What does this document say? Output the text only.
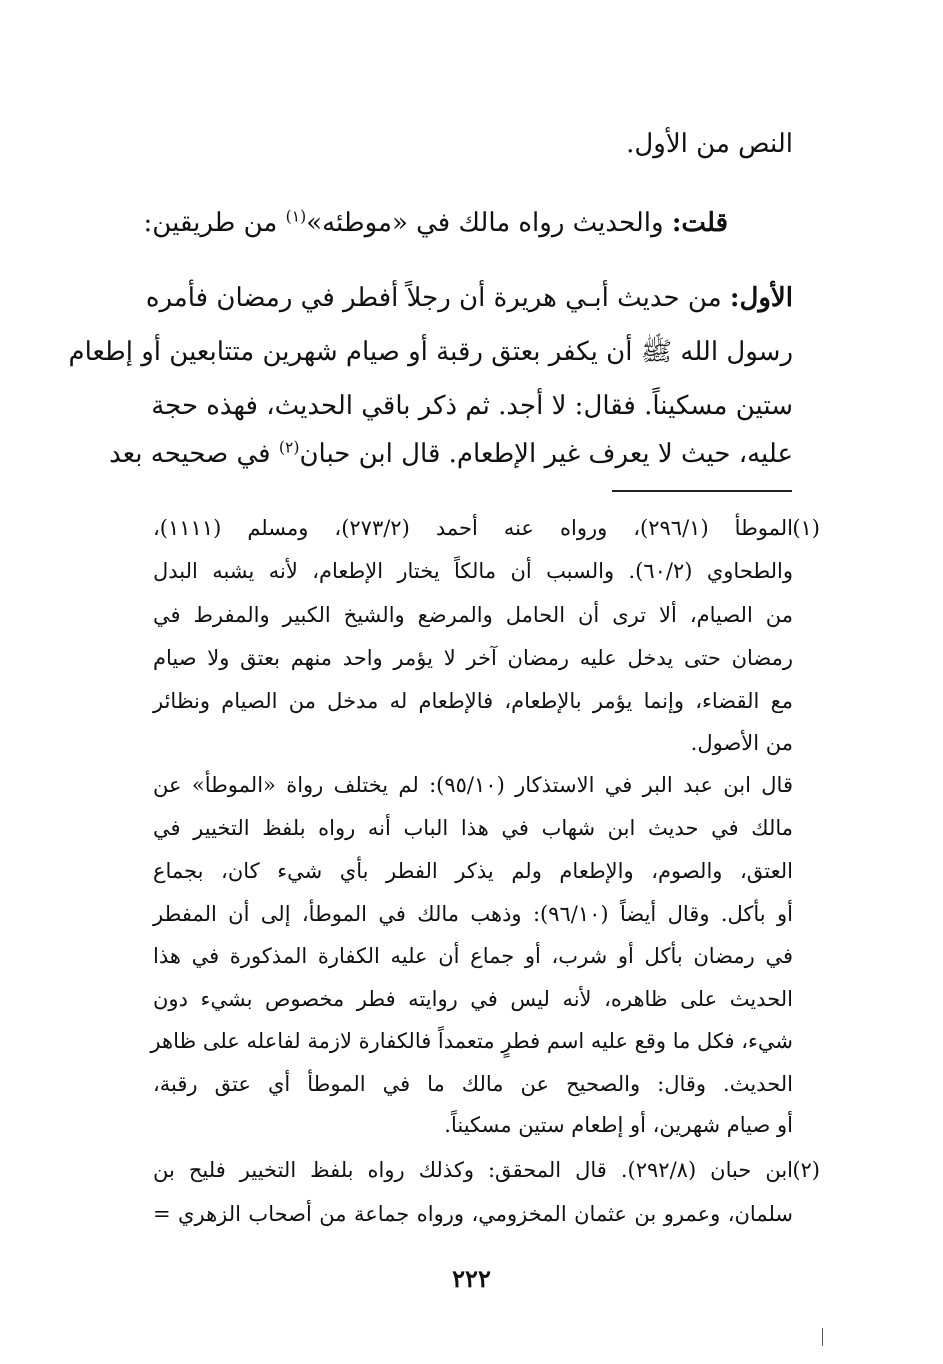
النص من الأول.

قلت: والحديث رواه مالك في «موطئه»$^{(١)}$ من طريقين:

الأول: من حديث أبـي هريرة أن رجلاً أفطر في رمضان فأمره

رسول الله ﷺ أن يكفر بعتق رقبة أو صيام شهرين متتابعين أو إطعام

ستين مسكيناً. فقال: لا أجد. ثم ذكر باقي الحديث، فهذه حجة

عليه، حيث لا يعرف غير الإطعام. قال ابن حبان$^{(٢)}$ في صحيحه بعد

(١)

الموطأ (٢٩٦/١)، ورواه عنه أحمد (٢٧٣/٢)، ومسلم (١١١١)،

والطحاوي (٦٠/٢). والسبب أن مالكاً يختار الإطعام، لأنه يشبه البدل

من الصيام، ألا ترى أن الحامل والمرضع والشيخ الكبير والمفرط في

رمضان حتى يدخل عليه رمضان آخر لا يؤمر واحد منهم بعتق ولا صيام

مع القضاء، وإنما يؤمر بالإطعام، فالإطعام له مدخل من الصيام ونظائر

من الأصول.

قال ابن عبد البر في الاستذكار (٩٥/١٠): لم يختلف رواة «الموطأ» عن

مالك في حديث ابن شهاب في هذا الباب أنه رواه بلفظ التخيير في

العتق، والصوم، والإطعام ولم يذكر الفطر بأي شيء كان، بجماع

أو بأكل. وقال أيضاً (٩٦/١٠): وذهب مالك في الموطأ، إلى أن المفطر

في رمضان بأكل أو شرب، أو جماع أن عليه الكفارة المذكورة في هذا

الحديث على ظاهره، لأنه ليس في روايته فطر مخصوص بشيء دون

شيء، فكل ما وقع عليه اسم فطرٍ متعمداً فالكفارة لازمة لفاعله على ظاهر

الحديث. وقال: والصحيح عن مالك ما في الموطأ أي عتق رقبة،

أو صيام شهرين، أو إطعام ستين مسكيناً.

(٢)

ابن حبان (٢٩٢/٨). قال المحقق: وكذلك رواه بلفظ التخيير فليح بن

سلمان، وعمرو بن عثمان المخزومي، ورواه جماعة من أصحاب الزهري =

٢٢٢
